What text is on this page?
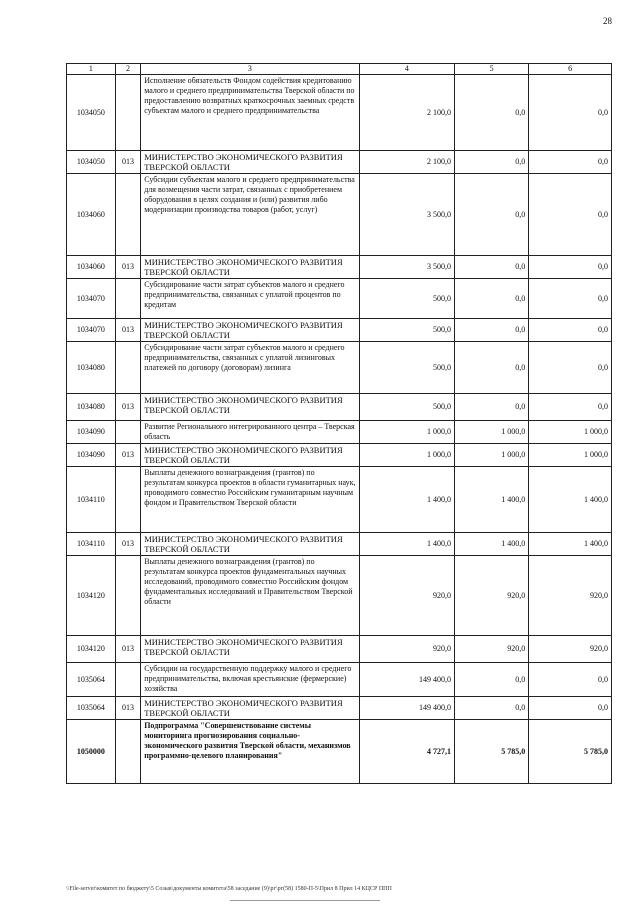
28
1	2	3	4	5	6
1034050		Исполнение обязательств Фондом содействия кредитованию малого и среднего предпринимательства Тверской области по предоставлению возвратных краткосрочных заемных средств субъектам малого и среднего предпринимательства	2 100,0	0,0	0,0
1034050	013	МИНИСТЕРСТВО ЭКОНОМИЧЕСКОГО РАЗВИТИЯ ТВЕРСКОЙ ОБЛАСТИ	2 100,0	0,0	0,0
1034060		Субсидии субъектам малого и среднего предпринимательства для возмещения части затрат, связанных с приобретением оборудования в целях создания и (или) развития либо модернизации производства товаров (работ, услуг)	3 500,0	0,0	0,0
1034060	013	МИНИСТЕРСТВО ЭКОНОМИЧЕСКОГО РАЗВИТИЯ ТВЕРСКОЙ ОБЛАСТИ	3 500,0	0,0	0,0
1034070		Субсидирование части затрат субъектов малого и среднего предпринимательства, связанных с уплатой процентов по кредитам	500,0	0,0	0,0
1034070	013	МИНИСТЕРСТВО ЭКОНОМИЧЕСКОГО РАЗВИТИЯ ТВЕРСКОЙ ОБЛАСТИ	500,0	0,0	0,0
1034080		Субсидирование части затрат субъектов малого и среднего предпринимательства, связанных с уплатой лизинговых платежей по договору (договорам) лизинга	500,0	0,0	0,0
1034080	013	МИНИСТЕРСТВО ЭКОНОМИЧЕСКОГО РАЗВИТИЯ ТВЕРСКОЙ ОБЛАСТИ	500,0	0,0	0,0
1034090		Развитие Регионального интегрированного центра – Тверская область	1 000,0	1 000,0	1 000,0
1034090	013	МИНИСТЕРСТВО ЭКОНОМИЧЕСКОГО РАЗВИТИЯ ТВЕРСКОЙ ОБЛАСТИ	1 000,0	1 000,0	1 000,0
1034110		Выплаты денежного вознаграждения (грантов) по результатам конкурса проектов в области гуманитарных наук, проводимого совместно Российским гуманитарным научным фондом и Правительством Тверской области	1 400,0	1 400,0	1 400,0
1034110	013	МИНИСТЕРСТВО ЭКОНОМИЧЕСКОГО РАЗВИТИЯ ТВЕРСКОЙ ОБЛАСТИ	1 400,0	1 400,0	1 400,0
1034120		Выплаты денежного вознаграждения (грантов) по результатам конкурса проектов фундаментальных научных исследований, проводимого совместно Российским фондом фундаментальных исследований и Правительством Тверской области	920,0	920,0	920,0
1034120	013	МИНИСТЕРСТВО ЭКОНОМИЧЕСКОГО РАЗВИТИЯ ТВЕРСКОЙ ОБЛАСТИ	920,0	920,0	920,0
1035064		Субсидии на государственную поддержку малого и среднего предпринимательства, включая крестьянские (фермерские) хозяйства	149 400,0	0,0	0,0
1035064	013	МИНИСТЕРСТВО ЭКОНОМИЧЕСКОГО РАЗВИТИЯ ТВЕРСКОЙ ОБЛАСТИ	149 400,0	0,0	0,0
1050000		Подпрограмма "Совершенствование системы мониторинга прогнозирования социально-экономического развития Тверской области, механизмов программно-целевого планирования"	4 727,1	5 785,0	5 785,0
\\File-server\комитет по бюджету\5 Созыв\документы комитета\58 заседание (9)\рг\рг(58) 1580-П-5\Прил 8 Прил 14 КЦСР ППП
